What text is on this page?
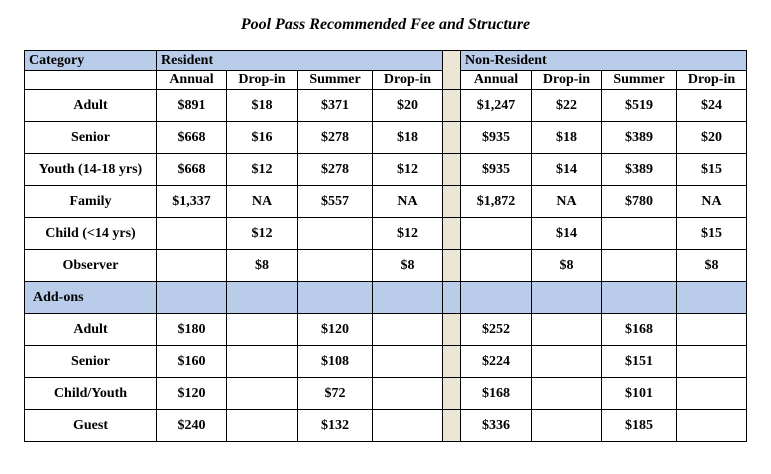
Pool Pass Recommended Fee and Structure
Category	Resident					Non-Resident			
	Annual	Drop-in	Summer	Drop-in		Annual	Drop-in	Summer	Drop-in
Adult	$891	$18	$371	$20		$1,247	$22	$519	$24
Senior	$668	$16	$278	$18		$935	$18	$389	$20
Youth (14-18 yrs)	$668	$12	$278	$12		$935	$14	$389	$15
Family	$1,337	NA	$557	NA		$1,872	NA	$780	NA
Child (<14 yrs)		$12		$12			$14		$15
Observer		$8		$8			$8		$8
Add-ons									
Adult	$180		$120			$252		$168	
Senior	$160		$108			$224		$151	
Child/Youth	$120		$72			$168		$101	
Guest	$240		$132			$336		$185	
